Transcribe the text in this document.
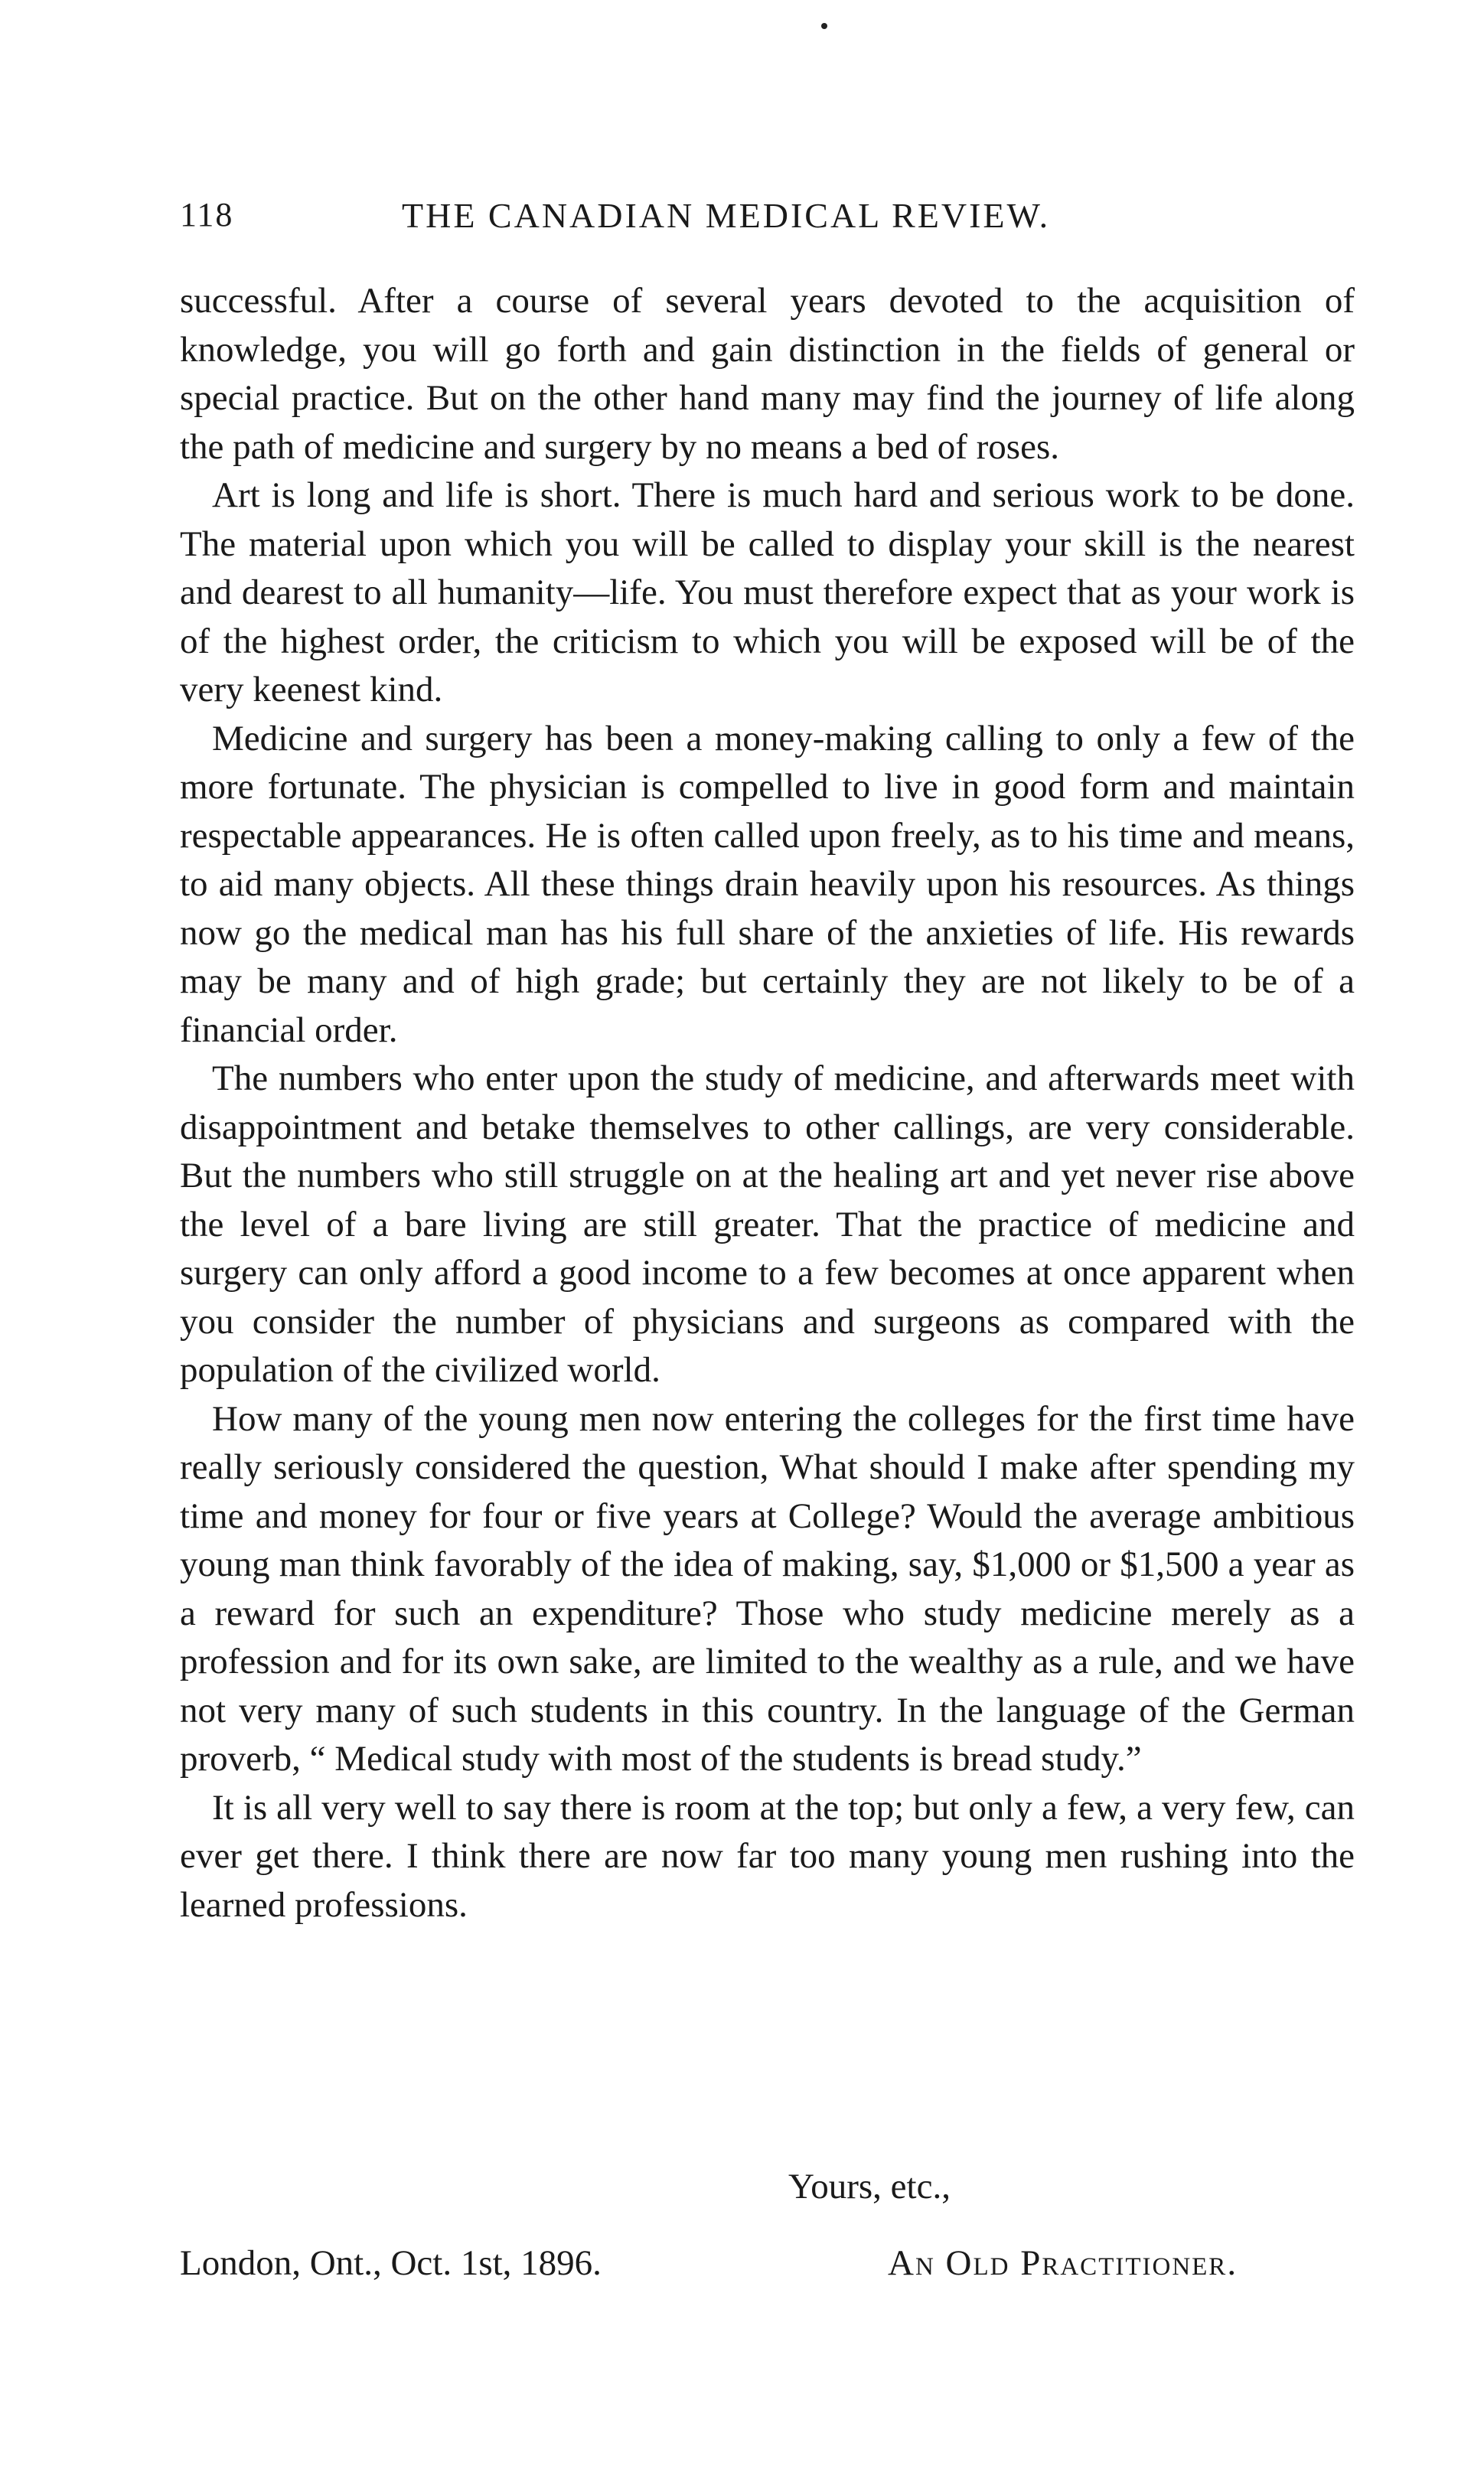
118	THE CANADIAN MEDICAL REVIEW.

successful. After a course of several years devoted to the acquisition of knowledge, you will go forth and gain distinction in the fields of general or special practice. But on the other hand many may find the journey of life along the path of medicine and surgery by no means a bed of roses.

Art is long and life is short. There is much hard and serious work to be done. The material upon which you will be called to display your skill is the nearest and dearest to all humanity—life. You must therefore expect that as your work is of the highest order, the criticism to which you will be exposed will be of the very keenest kind.

Medicine and surgery has been a money-making calling to only a few of the more fortunate. The physician is compelled to live in good form and maintain respectable appearances. He is often called upon freely, as to his time and means, to aid many objects. All these things drain heavily upon his resources. As things now go the medical man has his full share of the anxieties of life. His rewards may be many and of high grade; but certainly they are not likely to be of a financial order.

The numbers who enter upon the study of medicine, and afterwards meet with disappointment and betake themselves to other callings, are very considerable. But the numbers who still struggle on at the healing art and yet never rise above the level of a bare living are still greater. That the practice of medicine and surgery can only afford a good income to a few becomes at once apparent when you consider the number of physicians and surgeons as compared with the population of the civilized world.

How many of the young men now entering the colleges for the first time have really seriously considered the question, What should I make after spending my time and money for four or five years at College? Would the average ambitious young man think favorably of the idea of making, say, $1,000 or $1,500 a year as a reward for such an expenditure? Those who study medicine merely as a profession and for its own sake, are limited to the wealthy as a rule, and we have not very many of such students in this country. In the language of the German proverb, “ Medical study with most of the students is bread study.”

It is all very well to say there is room at the top; but only a few, a very few, can ever get there. I think there are now far too many young men rushing into the learned professions.

Yours, etc.,
London, Ont., Oct. 1st, 1896.	An Old Practitioner.
